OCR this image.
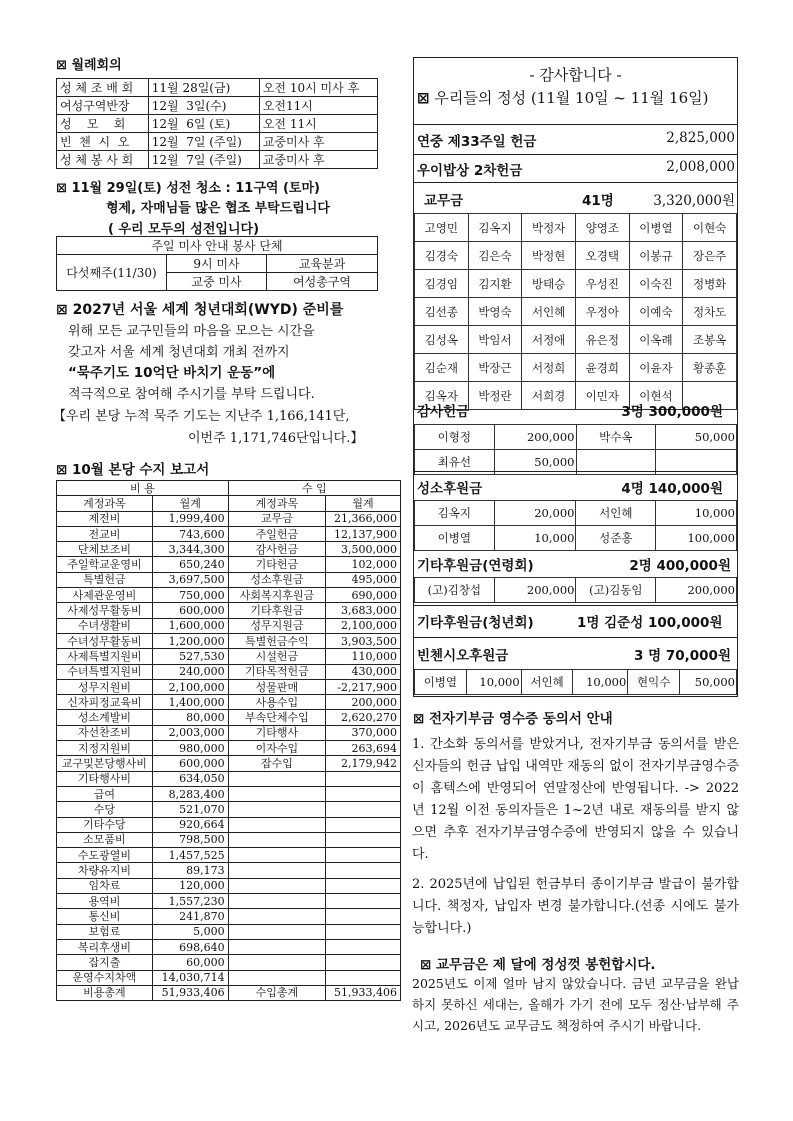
⊠ 월례회의
성 체 조 배 회	11월 28일(금)	오전 10시 미사 후
여성구역반장	12월  3일(수)	오전11시
성    모    회	12월  6일 (토)	오전 11시
빈  첸  시  오	12월  7일 (주일)	교중미사 후
성 체 봉 사 회	12월  7일 (주일)	교중미사 후
⊠ 11월 29일(토) 성전 청소 : 11구역 (토마)
형제, 자매님들 많은 협조 부탁드립니다
( 우리 모두의 성전입니다)
주일 미사 안내 봉사 단체		
다섯째주(11/30)	9시 미사	교육분과
	교중 미사	여성총구역
⊠ 2027년 서울 세계 청년대회(WYD) 준비를
위해 모든 교구민들의 마음을 모으는 시간을
갖고자 서울 세계 청년대회 개최 전까지
“묵주기도 10억단 바치기 운동”에
적극적으로 참여해 주시기를 부탁 드립니다.
【우리 본당 누적 묵주 기도는 지난주 1,166,141단,
이번주 1,171,746단입니다.】
⊠ 10월 본당 수지 보고서
비 용		수 입	
계정과목	월계	계정과목	월계
제전비	1,999,400	교무금	21,366,000
전교비	743,600	주일헌금	12,137,900
단체보조비	3,344,300	감사헌금	3,500,000
주일학교운영비	650,240	기타헌금	102,000
특별헌금	3,697,500	성소후원금	495,000
사제관운영비	750,000	사회복지후원금	690,000
사제성무활동비	600,000	기타후원금	3,683,000
수녀생활비	1,600,000	성무지원금	2,100,000
수녀성무활동비	1,200,000	특별헌금수익	3,903,500
사제특별지원비	527,530	시설헌금	110,000
수녀특별지원비	240,000	기타목적헌금	430,000
성무지원비	2,100,000	성물판매	-2,217,900
신자피정교육비	1,400,000	사용수입	200,000
성소계발비	80,000	부속단체수입	2,620,270
자선찬조비	2,003,000	기타행사	370,000
지정지원비	980,000	이자수입	263,694
교구및본당행사비	600,000	잡수입	2,179,942
기타행사비	634,050		
급여	8,283,400		
수당	521,070		
기타수당	920,664		
소모품비	798,500		
수도광열비	1,457,525		
차량유지비	89,173		
임차료	120,000		
용역비	1,557,230		
통신비	241,870		
보험료	5,000		
복리후생비	698,640		
잡지출	60,000		
운영수지차액	14,030,714		
비용총계	51,933,406	수입총계	51,933,406
- 감사합니다 -
⊠ 우리들의 정성 (11월 10일 ~ 11월 16일)
연중 제33주일 헌금	2,825,000
우이밥상 2차헌금	2,008,000
교무금	41명	3,320,000원
고영민	김옥지	박정자	양영조	이병열	이현숙
김경숙	김은숙	박정현	오경택	이봉규	장은주
김경임	김지환	방태승	우성진	이숙진	정병화
김선종	박영숙	서인혜	우정아	이예숙	정차도
김성옥	박임서	서정애	유은정	이옥례	조봉옥
김순재	박장근	서정희	윤경희	이윤자	황종훈
김옥자	박정란	서희경	이민자	이현석	
감사헌금	3명 300,000원
이형정	200,000	박수옥	50,000
최유선	50,000		
성소후원금	4명 140,000원
김옥지	20,000	서인혜	10,000
이병열	10,000	성준홍	100,000
기타후원금(연령회)	2명 400,000원
(고)김창섭	200,000	(고)김동임	200,000
기타후원금(청년회)	1명 김준성 100,000원
빈첸시오후원금	3 명 70,000원
이병열	10,000	서인혜	10,000	현익수	50,000
⊠ 전자기부금 영수증 동의서 안내
1. 간소화 동의서를 받았거나, 전자기부금 동의서를 받은 신자들의 헌금 납입 내역만 재동의 없이 전자기부금영수증이 홈텍스에 반영되어 연말정산에 반영됩니다. -> 2022년 12월 이전 동의자들은 1~2년 내로 재동의를 받지 않으면 추후 전자기부금영수증에 반영되지 않을 수 있습니다.
2. 2025년에 납입된 헌금부터 종이기부금 발급이 불가합니다. 책정자, 납입자 변경 불가합니다.(선종 시에도 불가능합니다.)
⊠ 교무금은 제 달에 정성껏 봉헌합시다.
2025년도 이제 얼마 남지 않았습니다. 금년 교무금을 완납하지 못하신 세대는, 올해가 가기 전에 모두 정산·납부해 주시고, 2026년도 교무금도 책정하여 주시기 바랍니다.
